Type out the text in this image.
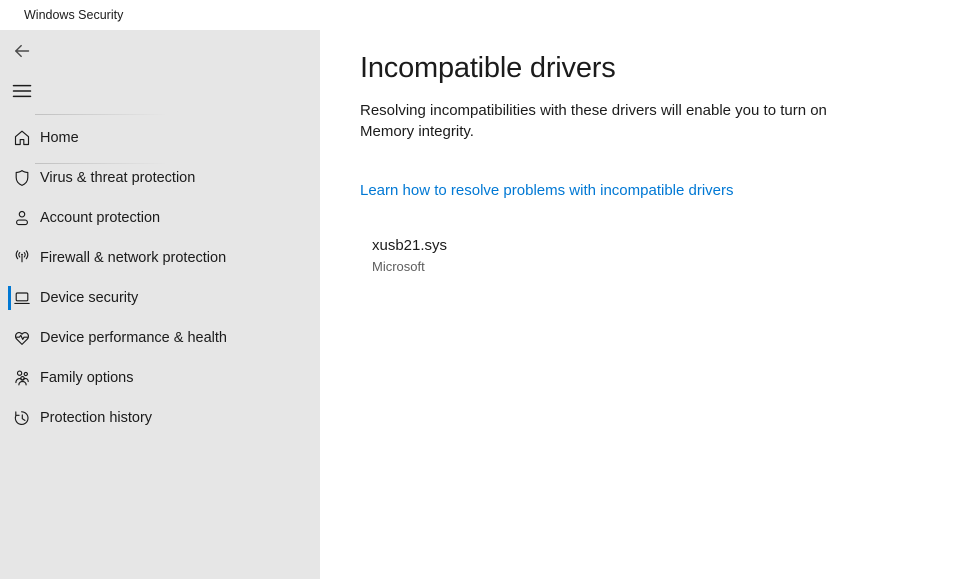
Windows Security
Home
Virus & threat protection
Account protection
Firewall & network protection
Device security
Device performance & health
Family options
Protection history
Incompatible drivers

Resolving incompatibilities with these drivers will enable you to turn on Memory integrity.

Learn how to resolve problems with incompatible drivers
xusb21.sys
Microsoft
